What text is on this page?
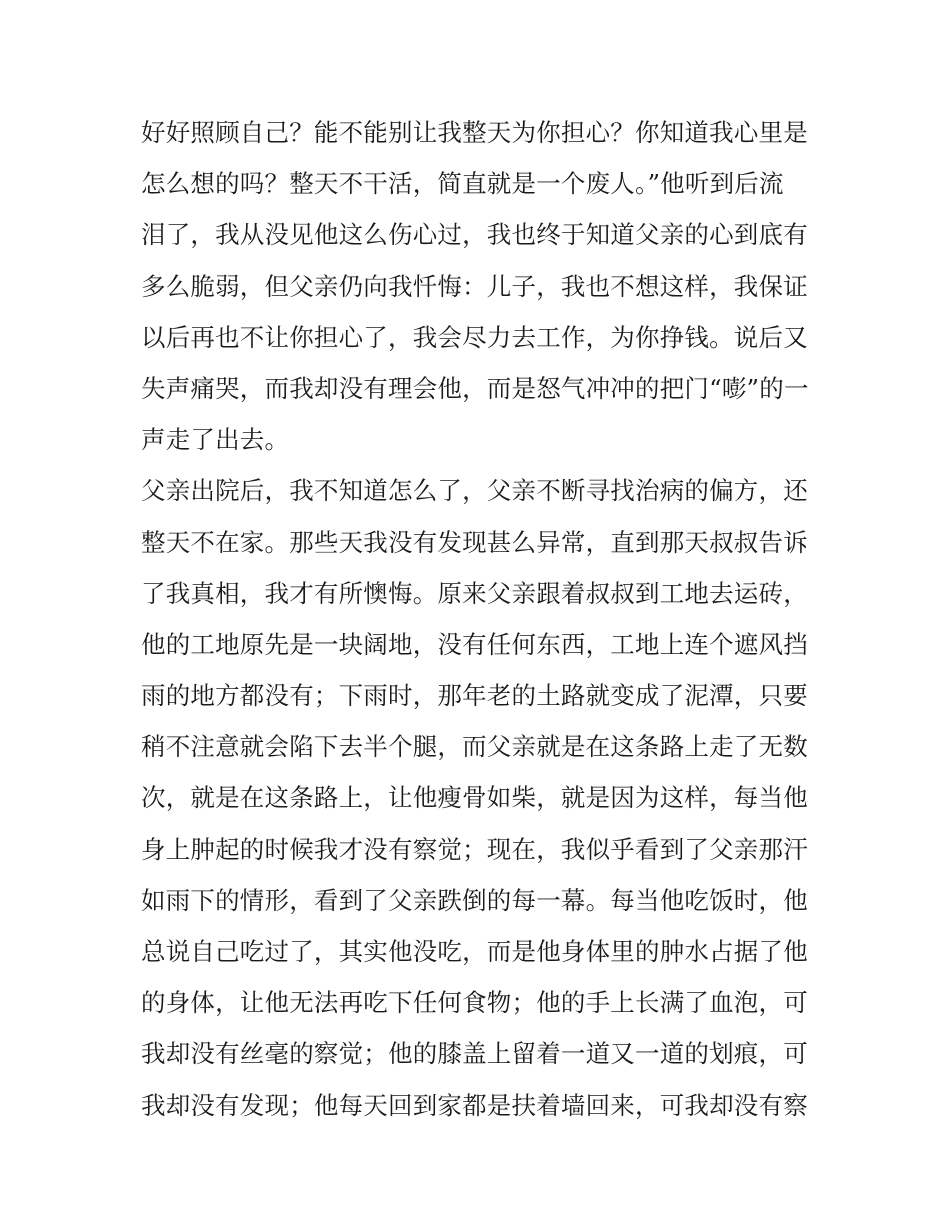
好好照顾自己？能不能别让我整天为你担心？你知道我心里是
怎么想的吗？整天不干活，简直就是一个废人。”他听到后流
泪了，我从没见他这么伤心过，我也终于知道父亲的心到底有
多么脆弱，但父亲仍向我忏悔：儿子，我也不想这样，我保证
以后再也不让你担心了，我会尽力去工作，为你挣钱。说后又
失声痛哭，而我却没有理会他，而是怒气冲冲的把门“嘭”的一
声走了出去。
父亲出院后，我不知道怎么了，父亲不断寻找治病的偏方，还
整天不在家。那些天我没有发现甚么异常，直到那天叔叔告诉
了我真相，我才有所懊悔。原来父亲跟着叔叔到工地去运砖，
他的工地原先是一块阔地，没有任何东西，工地上连个遮风挡
雨的地方都没有；下雨时，那年老的土路就变成了泥潭，只要
稍不注意就会陷下去半个腿，而父亲就是在这条路上走了无数
次，就是在这条路上，让他瘦骨如柴，就是因为这样，每当他
身上肿起的时候我才没有察觉；现在，我似乎看到了父亲那汗
如雨下的情形，看到了父亲跌倒的每一幕。每当他吃饭时，他
总说自己吃过了，其实他没吃，而是他身体里的肿水占据了他
的身体，让他无法再吃下任何食物；他的手上长满了血泡，可
我却没有丝毫的察觉；他的膝盖上留着一道又一道的划痕，可
我却没有发现；他每天回到家都是扶着墙回来，可我却没有察
